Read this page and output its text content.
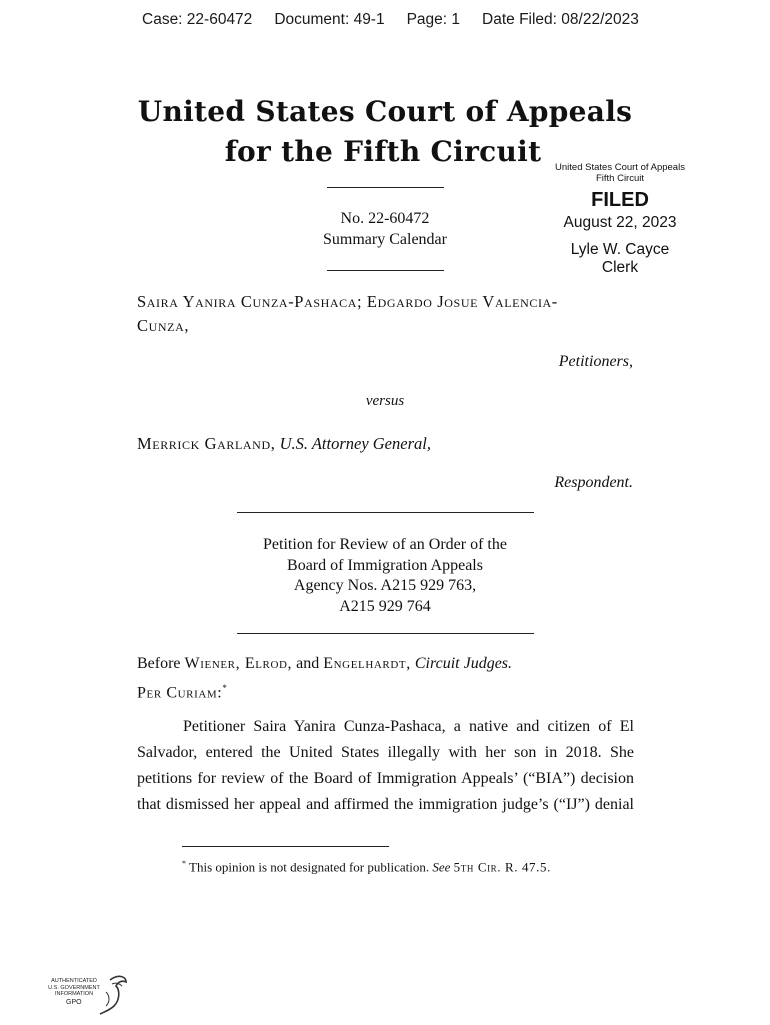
Case: 22-60472 Document: 49-1 Page: 1 Date Filed: 08/22/2023
United States Court of Appeals
for the Fifth Circuit	United States Court of Appeals
Fifth Circuit
FILED
August 22, 2023
Lyle W. Cayce
Clerk
No. 22-60472
Summary Calendar
Saira Yanira Cunza-Pashaca; Edgardo Josue Valencia-
Cunza,
Petitioners,
versus
Merrick Garland, U.S. Attorney General,
Respondent.
Petition for Review of an Order of the
Board of Immigration Appeals
Agency Nos. A215 929 763,
A215 929 764
Before Wiener, Elrod, and Engelhardt, Circuit Judges.
Per Curiam:*
Petitioner Saira Yanira Cunza-Pashaca, a native and citizen of El
Salvador, entered the United States illegally with her son in 2018. She
petitions for review of the Board of Immigration Appeals’ (“BIA”) decision
that dismissed her appeal and affirmed the immigration judge’s (“IJ”) denial
* This opinion is not designated for publication. See 5th Cir. R. 47.5.
AUTHENTICATED
U.S. GOVERNMENT
INFORMATION
GPO
